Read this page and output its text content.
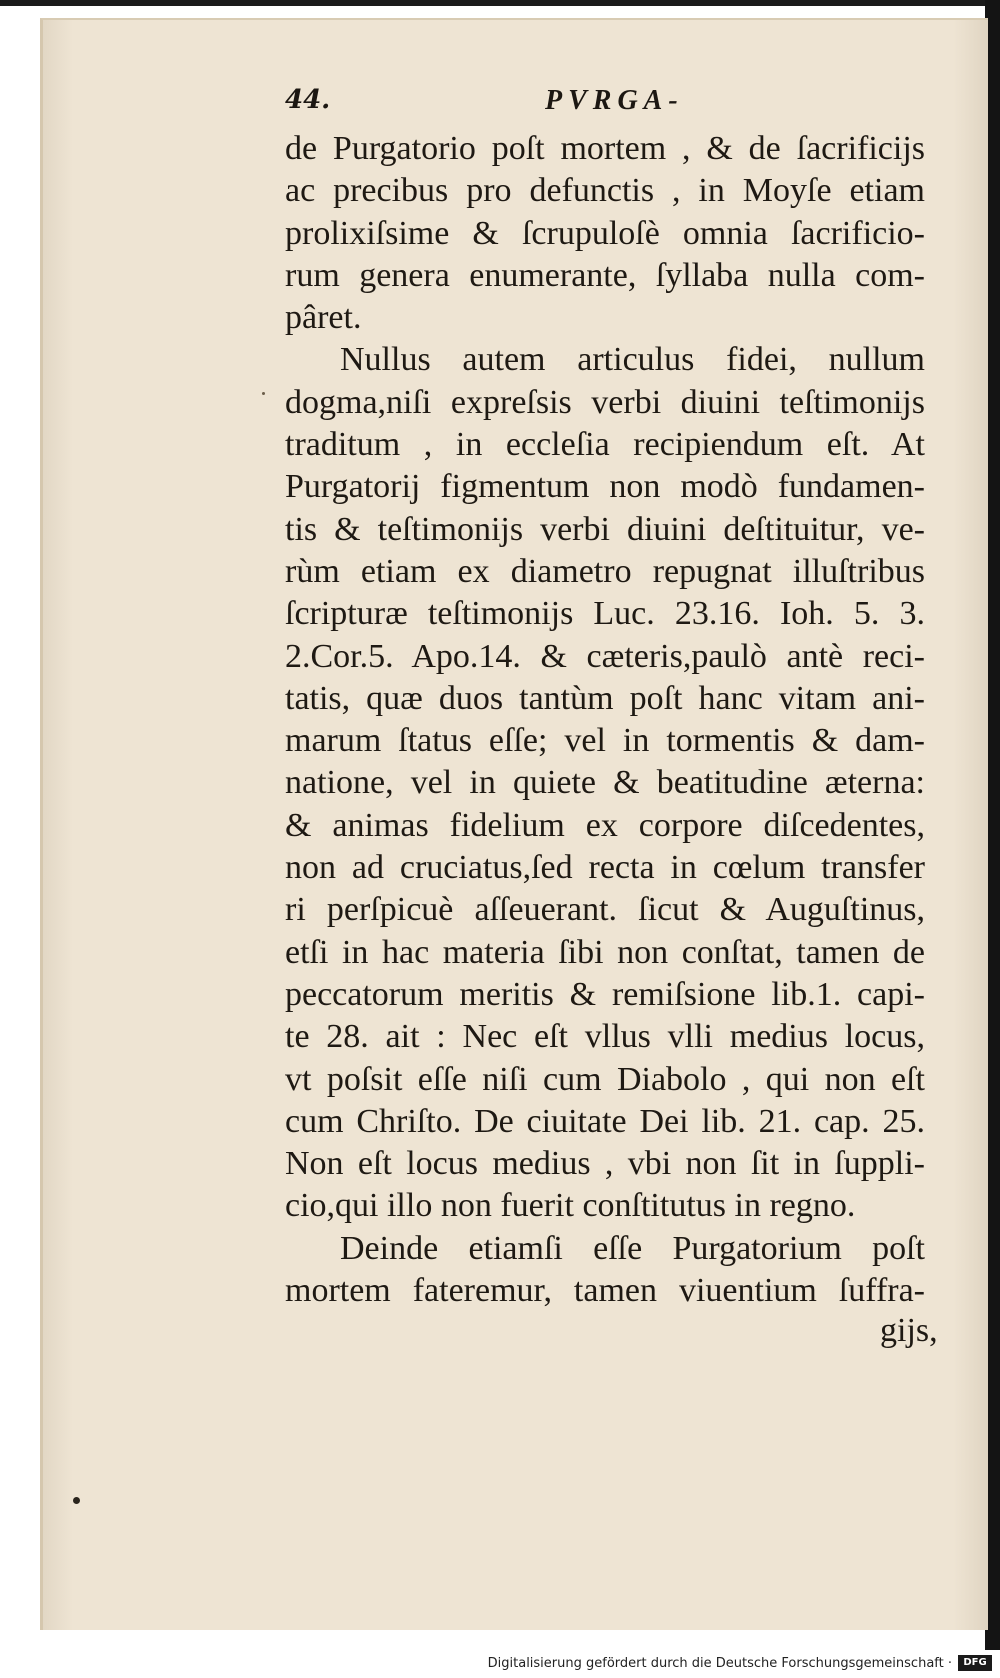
44.	PVRGA-
de Purgatorio poſt mortem , & de ſacrificijs
ac precibus pro defunctis , in Moyſe etiam
prolixiſsime & ſcrupuloſè omnia ſacrificio-
rum genera enumerante, ſyllaba nulla com-
pâret.
Nullus autem articulus fidei, nullum
dogma,niſi expreſsis verbi diuini teſtimonijs
traditum , in eccleſia recipiendum eſt. At
Purgatorij figmentum non modò fundamen-
tis & teſtimonijs verbi diuini deſtituitur, ve-
rùm etiam ex diametro repugnat illuſtribus
ſcripturæ teſtimonijs Luc. 23.16. Ioh. 5. 3.
2.Cor.5. Apo.14. & cæteris,paulò antè reci-
tatis, quæ duos tantùm poſt hanc vitam ani-
marum ſtatus eſſe; vel in tormentis & dam-
natione, vel in quiete & beatitudine æterna:
& animas fidelium ex corpore diſcedentes,
non ad cruciatus,ſed recta in cœlum transfer
ri perſpicuè aſſeuerant. ſicut & Auguſtinus,
etſi in hac materia ſibi non conſtat, tamen de
peccatorum meritis & remiſsione lib.1. capi-
te 28. ait : Nec eſt vllus vlli medius locus,
vt poſsit eſſe niſi cum Diabolo , qui non eſt
cum Chriſto. De ciuitate Dei lib. 21. cap. 25.
Non eſt locus medius , vbi non ſit in ſuppli-
cio,qui illo non fuerit conſtitutus in regno.
Deinde etiamſi eſſe Purgatorium poſt
mortem fateremur, tamen viuentium ſuffra-
gijs,
Digitalisierung gefördert durch die Deutsche Forschungsgemeinschaft ·	DFG
